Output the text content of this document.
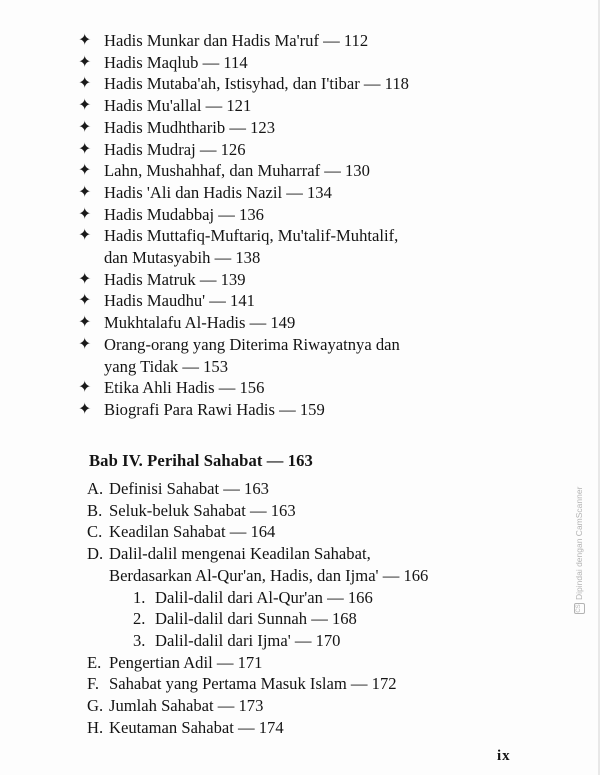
✦ Hadis Munkar dan Hadis Ma'ruf — 112
✦ Hadis Maqlub — 114
✦ Hadis Mutaba'ah, Istisyhad, dan I'tibar — 118
✦ Hadis Mu'allal — 121
✦ Hadis Mudhtharib — 123
✦ Hadis Mudraj — 126
✦ Lahn, Mushahhaf, dan Muharraf — 130
✦ Hadis 'Ali dan Hadis Nazil — 134
✦ Hadis Mudabbaj — 136
✦ Hadis Muttafiq-Muftariq, Mu'talif-Muhtalif,
dan Mutasyabih — 138
✦ Hadis Matruk — 139
✦ Hadis Maudhu' — 141
✦ Mukhtalafu Al-Hadis — 149
✦ Orang-orang yang Diterima Riwayatnya dan
yang Tidak — 153
✦ Etika Ahli Hadis — 156
✦ Biografi Para Rawi Hadis — 159
Bab IV. Perihal Sahabat — 163
A. Definisi Sahabat — 163
B. Seluk-beluk Sahabat — 163
C. Keadilan Sahabat — 164
D. Dalil-dalil mengenai Keadilan Sahabat,
Berdasarkan Al-Qur'an, Hadis, dan Ijma' — 166
1. Dalil-dalil dari Al-Qur'an — 166
2. Dalil-dalil dari Sunnah — 168
3. Dalil-dalil dari Ijma' — 170
E. Pengertian Adil — 171
F. Sahabat yang Pertama Masuk Islam — 172
G. Jumlah Sahabat — 173
H. Keutaman Sahabat — 174
ix
CS
Dipindai dengan CamScanner
